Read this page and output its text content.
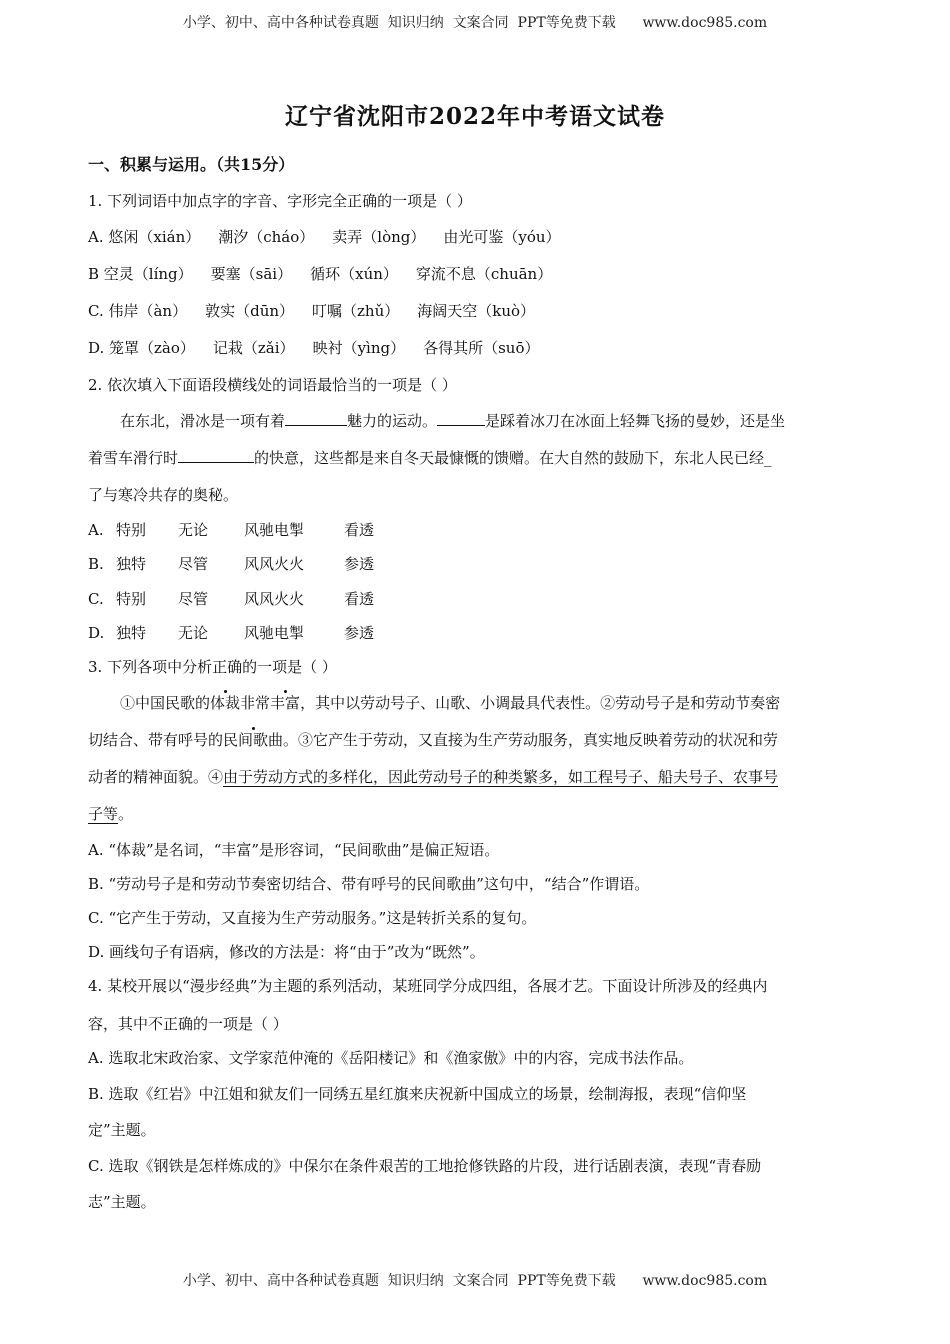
小学、初中、高中各种试卷真题  知识归纳  文案合同  PPT等免费下载      www.doc985.com
辽宁省沈阳市2022年中考语文试卷
一、积累与运用。（共15分）
1. 下列词语中加点字的字音、字形完全正确的一项是（ ）
A. 悠闲（xián） 潮汐（cháo） 卖弄（lòng） 由光可鉴（yóu）
B 空灵（líng） 要塞（sāi） 循环（xún） 穿流不息（chuān）
C. 伟岸（àn） 敦实（dūn） 叮嘱（zhǔ） 海阔天空（kuò）
D. 笼罩（zào） 记栽（zǎi） 映衬（yìng） 各得其所（suō）
2. 依次填入下面语段横线处的词语最恰当的一项是（ ）
在东北，滑冰是一项有着	魅力的运动。	是踩着冰刀在冰面上轻舞飞扬的曼妙，还是坐
着雪车滑行时	的快意，这些都是来自冬天最慷慨的馈赠。在大自然的鼓励下，东北人民已经_
了与寒冷共存的奥秘。
A. 特别 无论 风驰电掣	看透
B. 独特 尽管 风风火火	参透
C. 特别 尽管 风风火火	看透
D. 独特 无论 风驰电掣	参透
3. 下列各项中分析正确的一项是（ ）
①中国民歌的体裁非常丰富，其中以劳动号子、山歌、小调最具代表性。②劳动号子是和劳动节奏密
切结合、带有呼号的民间歌曲。③它产生于劳动，又直接为生产劳动服务，真实地反映着劳动的状况和劳
动者的精神面貌。④由于劳动方式的多样化，因此劳动号子的种类繁多，如工程号子、船夫号子、农事号
子等。
A. “体裁”是名词，“丰富”是形容词，“民间歌曲”是偏正短语。
B. “劳动号子是和劳动节奏密切结合、带有呼号的民间歌曲”这句中，“结合”作谓语。
C. “它产生于劳动，又直接为生产劳动服务。”这是转折关系的复句。
D. 画线句子有语病，修改的方法是：将“由于”改为“既然”。
4. 某校开展以“漫步经典”为主题的系列活动，某班同学分成四组，各展才艺。下面设计所涉及的经典内
容，其中不正确的一项是（ ）
A. 选取北宋政治家、文学家范仲淹的《岳阳楼记》和《渔家傲》中的内容，完成书法作品。
B. 选取《红岩》中江姐和狱友们一同绣五星红旗来庆祝新中国成立的场景，绘制海报，表现“信仰坚
定”主题。
C. 选取《钢铁是怎样炼成的》中保尔在条件艰苦的工地抢修铁路的片段，进行话剧表演，表现“青春励
志”主题。
小学、初中、高中各种试卷真题  知识归纳  文案合同  PPT等免费下载      www.doc985.com
